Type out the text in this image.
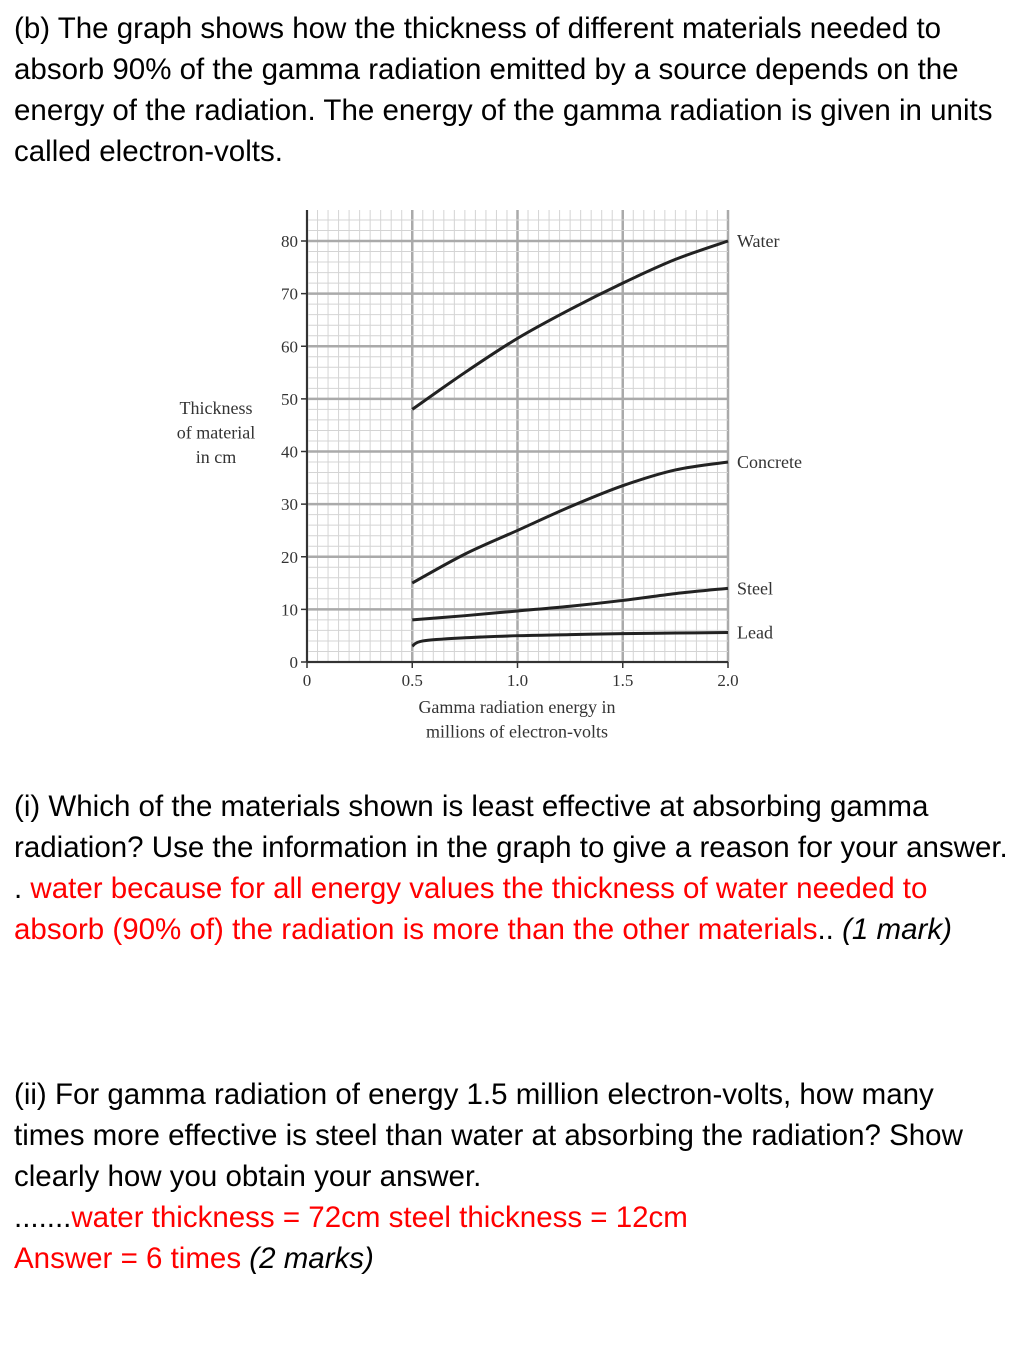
(b) The graph shows how the thickness of different materials needed to absorb 90% of the gamma radiation emitted by a source depends on the energy of the radiation. The energy of the gamma radiation is given in units called electron-volts.
Thickness
of material
in cm
0
10
20
30
40
50
60
70
80
0	0.5	1.0	1.5	2.0
Water
Concrete
Steel
Lead
Gamma radiation energy in
millions of electron-volts
(i) Which of the materials shown is least effective at absorbing gamma radiation? Use the information in the graph to give a reason for your answer.
. water because for all energy values the thickness of water needed to absorb (90% of) the radiation is more than the other materials.. (1 mark)
(ii) For gamma radiation of energy 1.5 million electron-volts, how many times more effective is steel than water at absorbing the radiation? Show clearly how you obtain your answer.
.......water thickness = 72cm steel thickness = 12cm
Answer = 6 times (2 marks)
